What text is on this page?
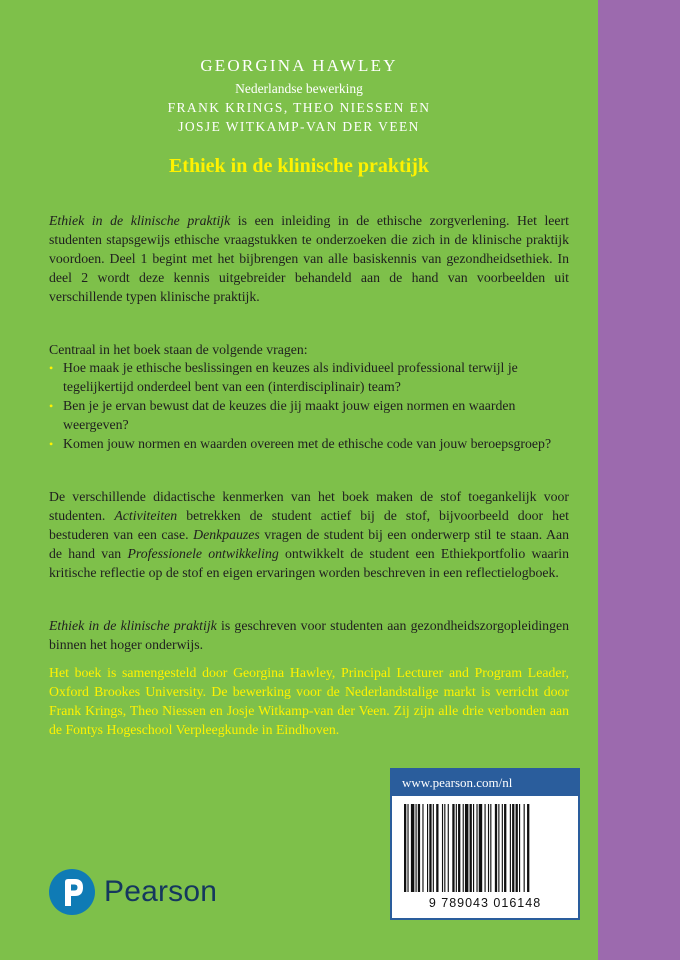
GEORGINA HAWLEY
Nederlandse bewerking
FRANK KRINGS, THEO NIESSEN EN
JOSJE WITKAMP-VAN DER VEEN
Ethiek in de klinische praktijk

Ethiek in de klinische praktijk is een inleiding in de ethische zorgverlening. Het leert studenten stapsgewijs ethische vraagstukken te onderzoeken die zich in de klinische praktijk voordoen. Deel 1 begint met het bijbrengen van alle basiskennis van gezondheidsethiek. In deel 2 wordt deze kennis uitgebreider behandeld aan de hand van voorbeelden uit verschillende typen klinische praktijk.

Centraal in het boek staan de volgende vragen:

• Hoe maak je ethische beslissingen en keuzes als individueel professional terwijl je tegelijkertijd onderdeel bent van een (interdisciplinair) team?
• Ben je je ervan bewust dat de keuzes die jij maakt jouw eigen normen en waarden weergeven?
• Komen jouw normen en waarden overeen met de ethische code van jouw beroepsgroep?

De verschillende didactische kenmerken van het boek maken de stof toegankelijk voor studenten. Activiteiten betrekken de student actief bij de stof, bijvoorbeeld door het bestuderen van een case. Denkpauzes vragen de student bij een onderwerp stil te staan. Aan de hand van Professionele ontwikkeling ontwikkelt de student een Ethiekportfolio waarin kritische reflectie op de stof en eigen ervaringen worden beschreven in een reflectielogboek.

Ethiek in de klinische praktijk is geschreven voor studenten aan gezondheidszorgopleidingen binnen het hoger onderwijs.

Het boek is samengesteld door Georgina Hawley, Principal Lecturer and Program Leader, Oxford Brookes University. De bewerking voor de Nederlandstalige markt is verricht door Frank Krings, Theo Niessen en Josje Witkamp-van der Veen. Zij zijn alle drie verbonden aan de Fontys Hogeschool Verpleegkunde in Eindhoven.

www.pearson.com/nl
9 789043 016148
Pearson
